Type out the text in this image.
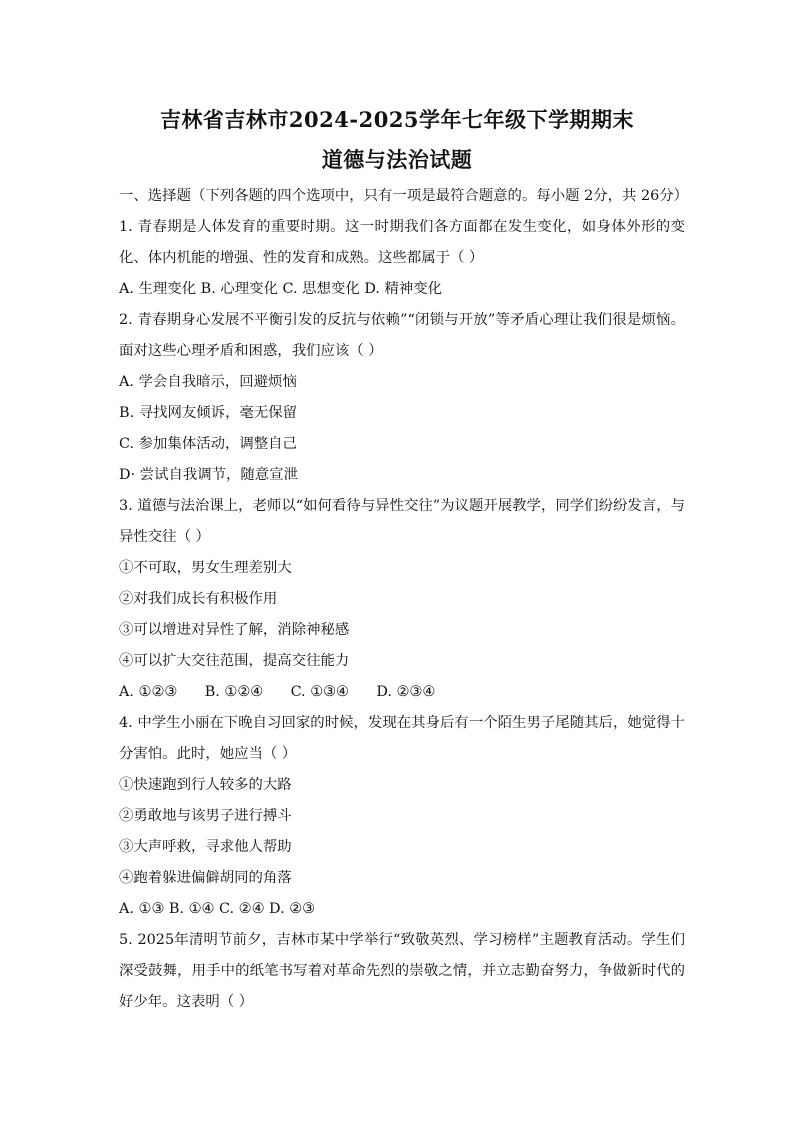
吉林省吉林市2024-2025学年七年级下学期期末
道德与法治试题

一、选择题（下列各题的四个选项中，只有一项是最符合题意的。每小题 2分，共 26分）

1. 青春期是人体发育的重要时期。这一时期我们各方面都在发生变化，如身体外形的变化、体内机能的增强、性的发育和成熟。这些都属于（ ）

A. 生理变化 B. 心理变化 C. 思想变化 D. 精神变化

2. 青春期身心发展不平衡引发的反抗与依赖”“闭锁与开放”等矛盾心理让我们很是烦恼。面对这些心理矛盾和困惑，我们应该（ ）

A. 学会自我暗示，回避烦恼

B. 寻找网友倾诉，毫无保留

C. 参加集体活动，调整自己

D· 尝试自我调节，随意宣泄

3. 道德与法治课上，老师以“如何看待与异性交往”为议题开展教学，同学们纷纷发言，与异性交往（ ）

①不可取，男女生理差别大

②对我们成长有积极作用

③可以增进对异性了解，消除神秘感

④可以扩大交往范围，提高交往能力

A. ①②③      B. ①②④      C. ①③④      D. ②③④

4. 中学生小丽在下晚自习回家的时候，发现在其身后有一个陌生男子尾随其后，她觉得十分害怕。此时，她应当（ ）

①快速跑到行人较多的大路

②勇敢地与该男子进行搏斗

③大声呼救，寻求他人帮助

④跑着躲进偏僻胡同的角落

A. ①③ B. ①④ C. ②④ D. ②③

5. 2025年清明节前夕，吉林市某中学举行“致敬英烈、学习榜样”主题教育活动。学生们深受鼓舞，用手中的纸笔书写着对革命先烈的崇敬之情，并立志勤奋努力，争做新时代的好少年。这表明（ ）
